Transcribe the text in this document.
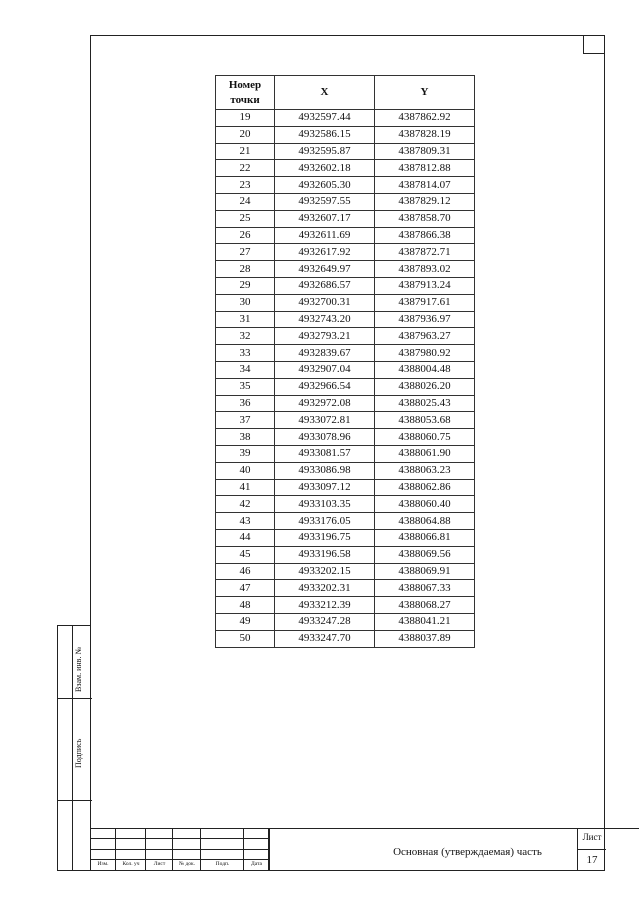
Взам. инв. №
Подпись
Номер точки	X	Y
19	4932597.44	4387862.92
20	4932586.15	4387828.19
21	4932595.87	4387809.31
22	4932602.18	4387812.88
23	4932605.30	4387814.07
24	4932597.55	4387829.12
25	4932607.17	4387858.70
26	4932611.69	4387866.38
27	4932617.92	4387872.71
28	4932649.97	4387893.02
29	4932686.57	4387913.24
30	4932700.31	4387917.61
31	4932743.20	4387936.97
32	4932793.21	4387963.27
33	4932839.67	4387980.92
34	4932907.04	4388004.48
35	4932966.54	4388026.20
36	4932972.08	4388025.43
37	4933072.81	4388053.68
38	4933078.96	4388060.75
39	4933081.57	4388061.90
40	4933086.98	4388063.23
41	4933097.12	4388062.86
42	4933103.35	4388060.40
43	4933176.05	4388064.88
44	4933196.75	4388066.81
45	4933196.58	4388069.56
46	4933202.15	4388069.91
47	4933202.31	4388067.33
48	4933212.39	4388068.27
49	4933247.28	4388041.21
50	4933247.70	4388037.89
Изм.	Кол. уч	Лист	№ док.	Подп.	Дата
Основная (утверждаемая) часть
Лист
17
